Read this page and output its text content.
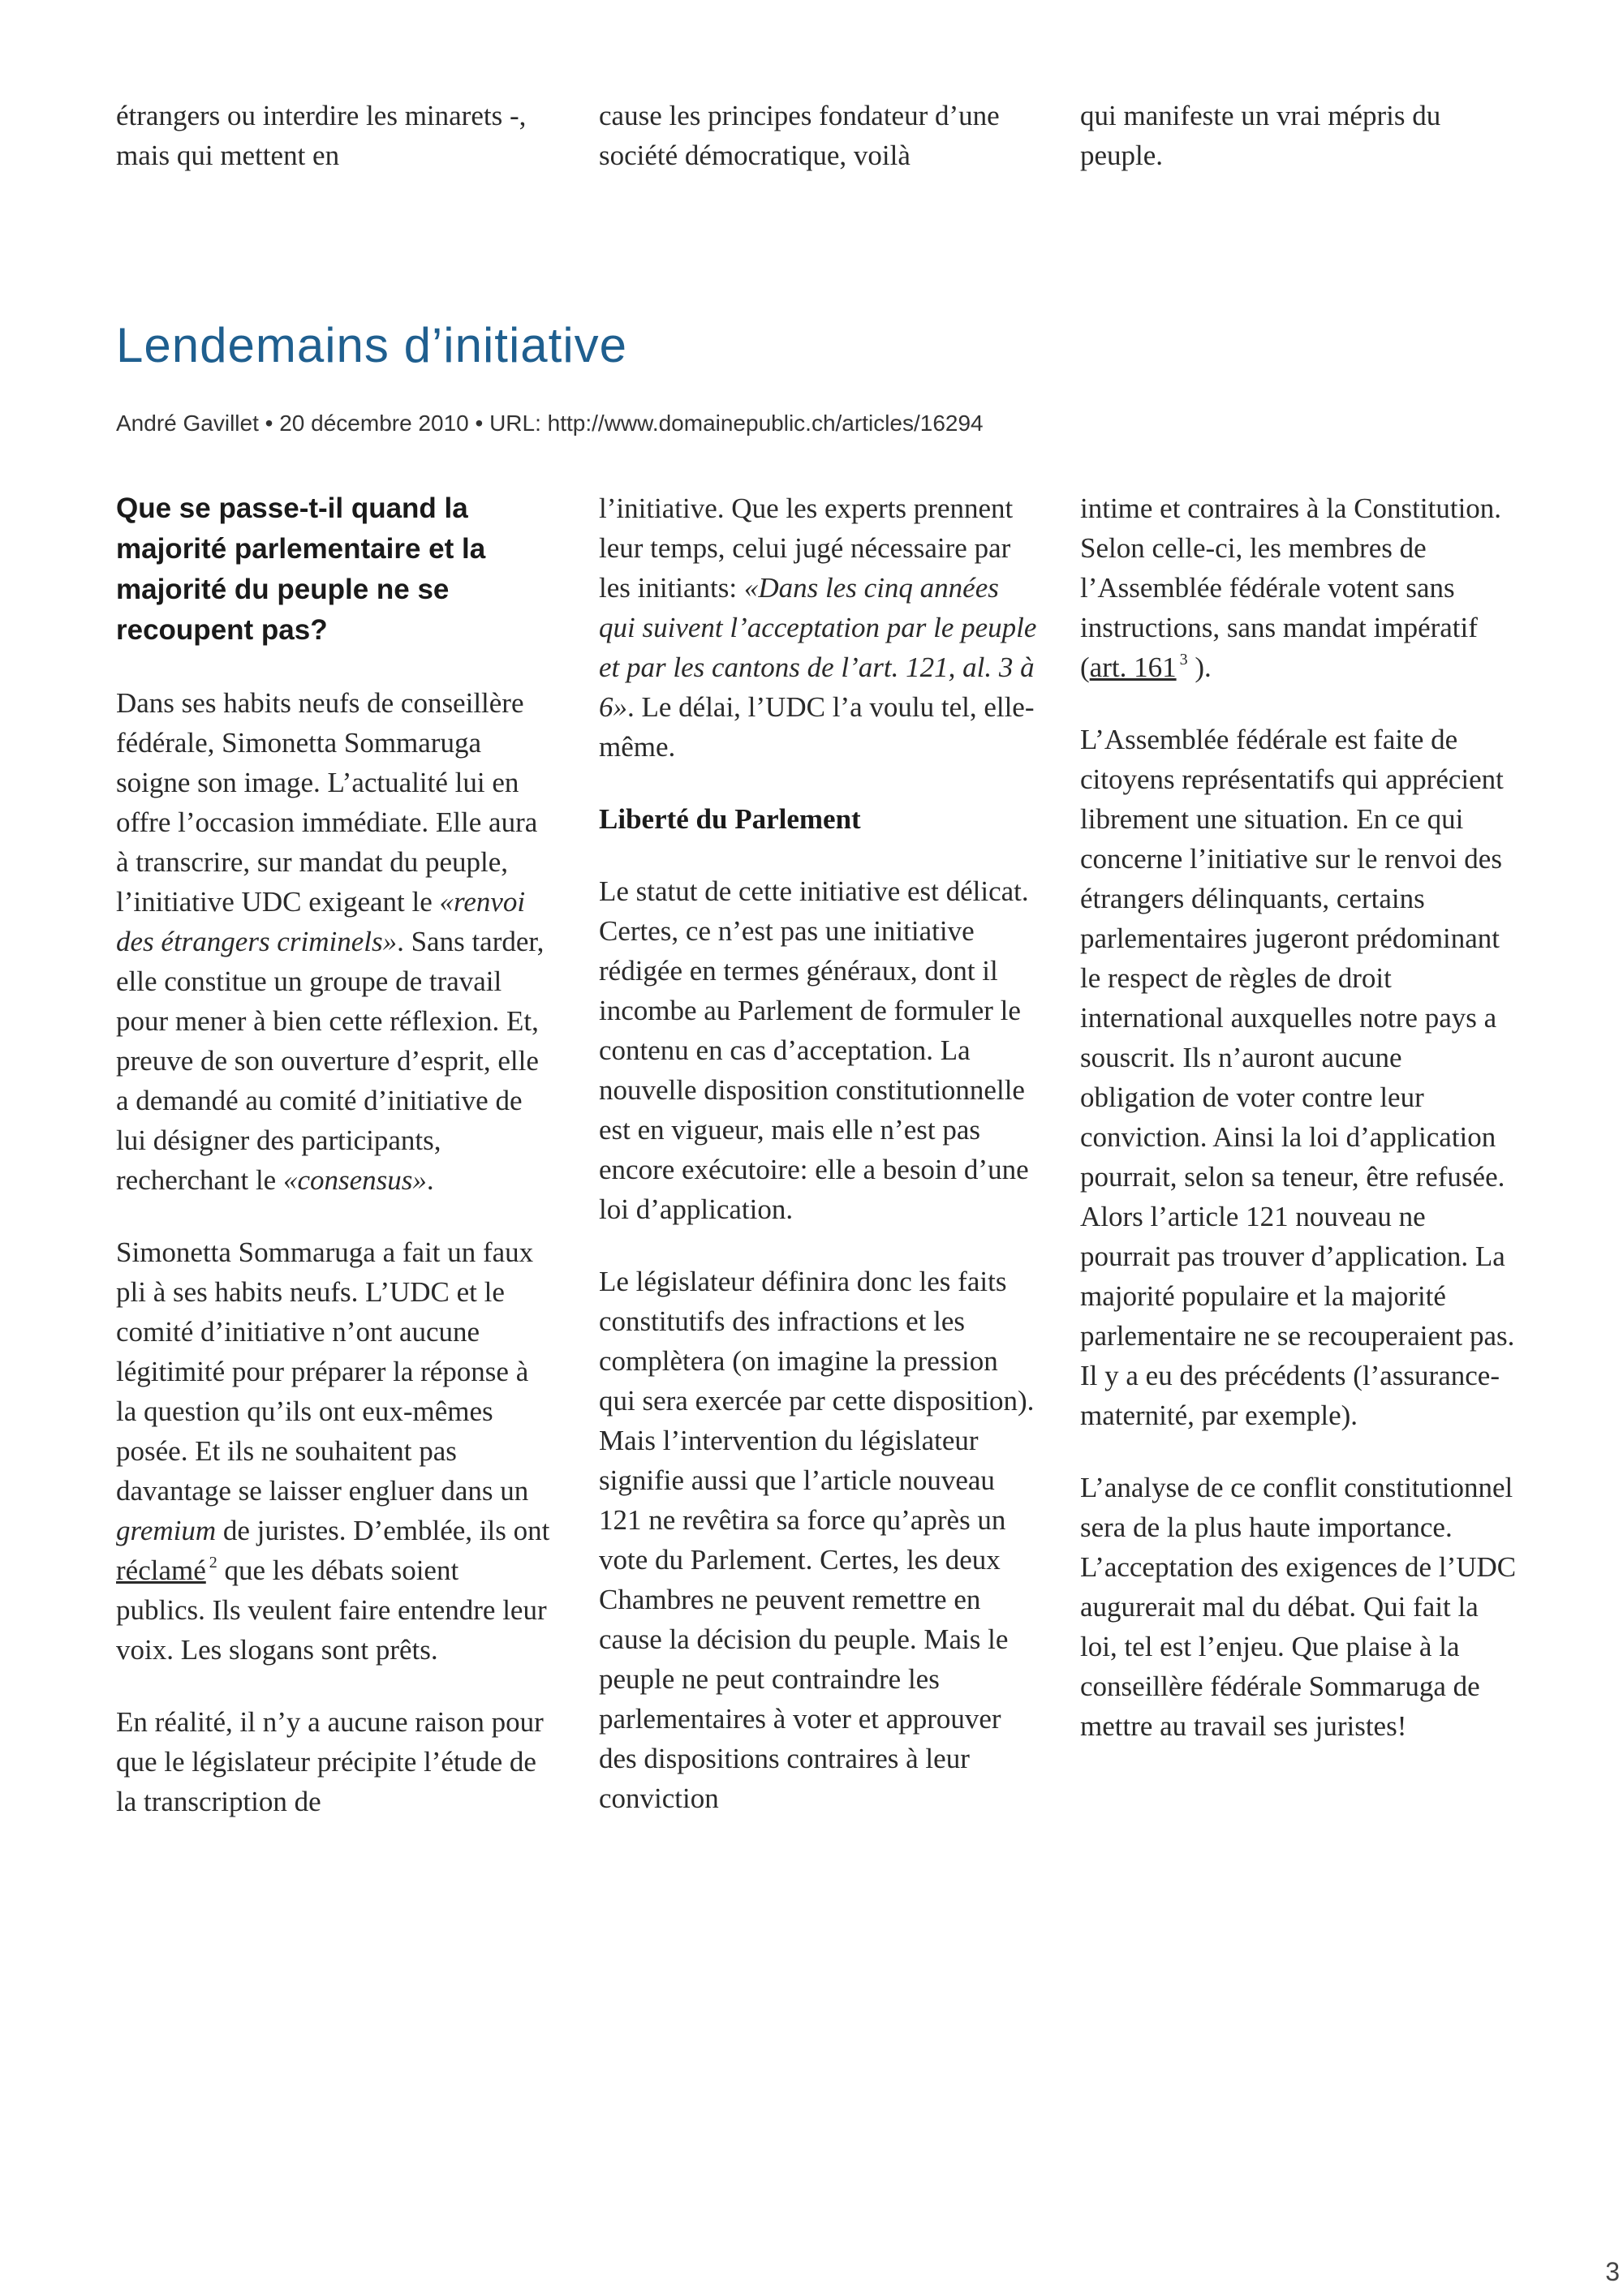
étrangers ou interdire les minarets -, mais qui mettent en

cause les principes fondateur d’une société démocratique, voilà

qui manifeste un vrai mépris du peuple.

Lendemains d’initiative
André Gavillet • 20 décembre 2010 • URL: http://www.domainepublic.ch/articles/16294

Que se passe-t-il quand la majorité parlementaire et la majorité du peuple ne se recoupent pas?

Dans ses habits neufs de conseillère fédérale, Simonetta Sommaruga soigne son image. L’actualité lui en offre l’occasion immédiate. Elle aura à transcrire, sur mandat du peuple, l’initiative UDC exigeant le «renvoi des étrangers criminels». Sans tarder, elle constitue un groupe de travail pour mener à bien cette réflexion. Et, preuve de son ouverture d’esprit, elle a demandé au comité d’initiative de lui désigner des participants, recherchant le «consensus».

Simonetta Sommaruga a fait un faux pli à ses habits neufs. L’UDC et le comité d’initiative n’ont aucune légitimité pour préparer la réponse à la question qu’ils ont eux-mêmes posée. Et ils ne souhaitent pas davantage se laisser engluer dans un gremium de juristes. D’emblée, ils ont réclamé $^2$ que les débats soient publics. Ils veulent faire entendre leur voix. Les slogans sont prêts.

En réalité, il n’y a aucune raison pour que le législateur précipite l’étude de la transcription de

l’initiative. Que les experts prennent leur temps, celui jugé nécessaire par les initiants: «Dans les cinq années qui suivent l’acceptation par le peuple et par les cantons de l’art. 121, al. 3 à 6». Le délai, l’UDC l’a voulu tel, elle-même.

Liberté du Parlement

Le statut de cette initiative est délicat. Certes, ce n’est pas une initiative rédigée en termes généraux, dont il incombe au Parlement de formuler le contenu en cas d’acceptation. La nouvelle disposition constitutionnelle est en vigueur, mais elle n’est pas encore exécutoire: elle a besoin d’une loi d’application.

Le législateur définira donc les faits constitutifs des infractions et les complètera (on imagine la pression qui sera exercée par cette disposition). Mais l’intervention du législateur signifie aussi que l’article nouveau 121 ne revêtira sa force qu’après un vote du Parlement. Certes, les deux Chambres ne peuvent remettre en cause la décision du peuple. Mais le peuple ne peut contraindre les parlementaires à voter et approuver des dispositions contraires à leur conviction

intime et contraires à la Constitution. Selon celle-ci, les membres de l’Assemblée fédérale votent sans instructions, sans mandat impératif (art. 161 $^3$ ).

L’Assemblée fédérale est faite de citoyens représentatifs qui apprécient librement une situation. En ce qui concerne l’initiative sur le renvoi des étrangers délinquants, certains parlementaires jugeront prédominant le respect de règles de droit international auxquelles notre pays a souscrit. Ils n’auront aucune obligation de voter contre leur conviction. Ainsi la loi d’application pourrait, selon sa teneur, être refusée. Alors l’article 121 nouveau ne pourrait pas trouver d’application. La majorité populaire et la majorité parlementaire ne se recouperaient pas. Il y a eu des précédents (l’assurance-maternité, par exemple).

L’analyse de ce conflit constitutionnel sera de la plus haute importance. L’acceptation des exigences de l’UDC augurerait mal du débat. Qui fait la loi, tel est l’enjeu. Que plaise à la conseillère fédérale Sommaruga de mettre au travail ses juristes!

3
